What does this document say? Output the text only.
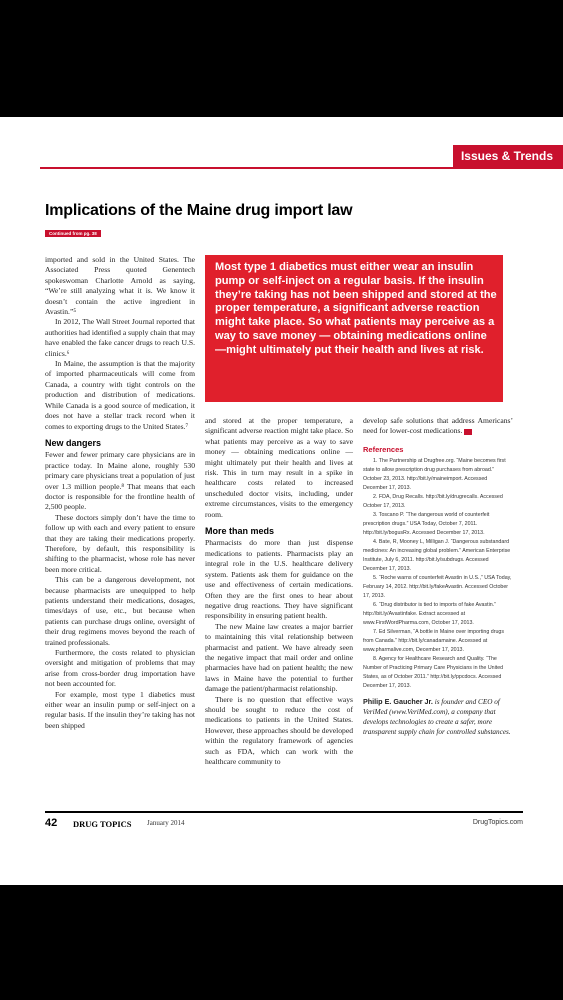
Issues & Trends
Implications of the Maine drug import law
Continued from pg. 38

imported and sold in the United States. The Associated Press quoted Genentech spokeswoman Charlotte Arnold as saying, “We’re still analyzing what it is. We know it doesn’t contain the active ingredient in Avastin.”⁵

In 2012, The Wall Street Journal reported that authorities had identified a supply chain that may have enabled the fake cancer drugs to reach U.S. clinics.⁶

In Maine, the assumption is that the majority of imported pharmaceuticals will come from Canada, a country with tight controls on the production and distribution of medications. While Canada is a good source of medication, it does not have a stellar track record when it comes to exporting drugs to the United States.⁷

New dangers

Fewer and fewer primary care physicians are in practice today. In Maine alone, roughly 530 primary care physicians treat a population of just over 1.3 million people.⁸ That means that each doctor is responsible for the frontline health of 2,500 people.

These doctors simply don’t have the time to follow up with each and every patient to ensure that they are taking their medications properly. Therefore, by default, this responsibility is shifting to the pharmacist, whose role has never been more critical.

This can be a dangerous development, not because pharmacists are unequipped to help patients understand their medications, dosages, times/days of use, etc., but because when patients can purchase drugs online, oversight of their drug regimens moves beyond the reach of trained professionals.

Furthermore, the costs related to physician oversight and mitigation of problems that may arise from cross-border drug importation have not been accounted for.

For example, most type 1 diabetics must either wear an insulin pump or self-inject on a regular basis. If the insulin they’re taking has not been shipped

Most type 1 diabetics must either wear an insulin pump or self-inject on a regular basis. If the insulin they’re taking has not been shipped and stored at the proper temperature, a significant adverse reaction might take place. So what patients may perceive as a way to save money — obtaining medications online —might ultimately put their health and lives at risk.

and stored at the proper temperature, a significant adverse reaction might take place. So what patients may perceive as a way to save money — obtaining medications online — might ultimately put their health and lives at risk. This in turn may result in a spike in healthcare costs related to increased unscheduled doctor visits, including, under extreme circumstances, visits to the emergency room.

More than meds

Pharmacists do more than just dispense medications to patients. Pharmacists play an integral role in the U.S. healthcare delivery system. Patients ask them for guidance on the use and effectiveness of certain medications. Often they are the first ones to hear about negative drug reactions. They have significant responsibility in ensuring patient health.

The new Maine law creates a major barrier to maintaining this vital relationship between pharmacist and patient. We have already seen the negative impact that mail order and online pharmacies have had on patient health; the new laws in Maine have the potential to further damage the patient/pharmacist relationship.

There is no question that effective ways should be sought to reduce the cost of medications to patients in the United States. However, these approaches should be developed within the regulatory framework of agencies such as FDA, which can work with the healthcare community to

develop safe solutions that address Americans’ need for lower-cost medications.

References

1. The Partnership at Drugfree.org. “Maine becomes first state to allow prescription drug purchases from abroad.” October 23, 2013. http://bit.ly/maineimport. Accessed December 17, 2013.

2. FDA, Drug Recalls. http://bit.ly/drugrecalls. Accessed October 17, 2013.

3. Toscano P. “The dangerous world of counterfeit prescription drugs.” USA Today, October 7, 2011. http://bit.ly/bogusRx. Accessed December 17, 2013.

4. Bate, R, Mooney L, Milligan J. “Dangerous substandard medicines: An increasing global problem.” American Enterprise Institute, July 6, 2011. http://bit.ly/subdrugs. Accessed December 17, 2013.

5. “Roche warns of counterfeit Avastin in U.S.,” USA Today, February 14, 2012. http://bit.ly/fakeAvastin. Accessed October 17, 2013.

6. “Drug distributor is tied to imports of fake Avastin.” http://bit.ly/Avastinfake. Extract accessed at www.FirstWordPharma.com, October 17, 2013.

7. Ed Silverman, “A bottle in Maine over importing drugs from Canada.” http://bit.ly/canadamaine. Accessed at www.pharmalive.com, December 17, 2013.

8. Agency for Healthcare Research and Quality. “The Number of Practicing Primary Care Physicians in the United States, as of October 2011.” http://bit.ly/ppcdocs. Accessed December 17, 2013.

Philip E. Gaucher Jr. is founder and CEO of VeriMed (www.VeriMed.com), a company that develops technologies to create a safer, more transparent supply chain for controlled substances.
42 DRUG TOPICS January 2014	DrugTopics.com
